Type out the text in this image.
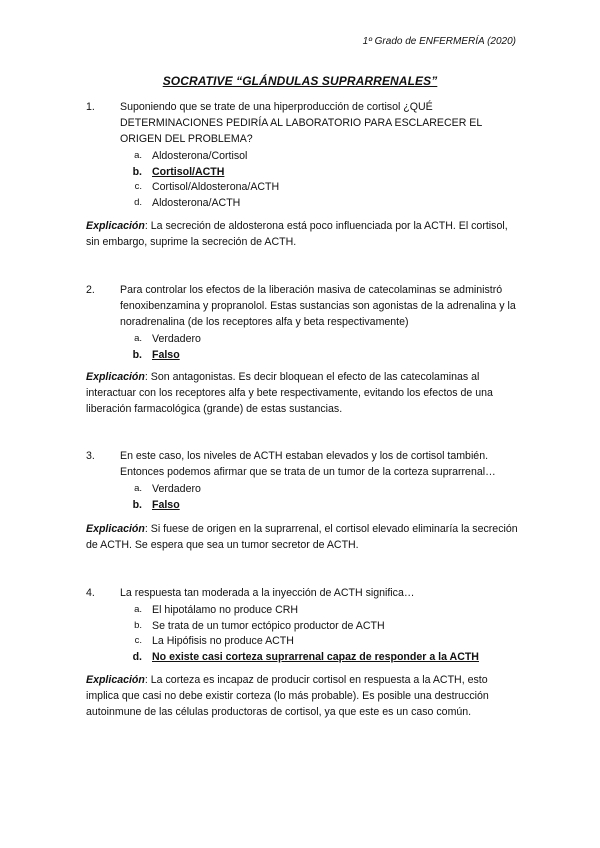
1º Grado de ENFERMERÍA (2020)
SOCRATIVE “GLÁNDULAS SUPRARRENALES”
1.	Suponiendo que se trate de una hiperproducción de cortisol ¿QUÉ DETERMINACIONES PEDIRÍA AL LABORATORIO PARA ESCLARECER EL ORIGEN DEL PROBLEMA?
a. Aldosterona/Cortisol
b. Cortisol/ACTH
c. Cortisol/Aldosterona/ACTH
d. Aldosterona/ACTH
Explicación: La secreción de aldosterona está poco influenciada por la ACTH. El cortisol, sin embargo, suprime la secreción de ACTH.
2.	Para controlar los efectos de la liberación masiva de catecolaminas se administró fenoxibenzamina y propranolol. Estas sustancias son agonistas de la adrenalina y la noradrenalina (de los receptores alfa y beta respectivamente)
a. Verdadero
b. Falso
Explicación: Son antagonistas. Es decir bloquean el efecto de las catecolaminas al interactuar con los receptores alfa y bete respectivamente, evitando los efectos de una liberación farmacológica (grande) de estas sustancias.
3.	En este caso, los niveles de ACTH estaban elevados y los de cortisol también. Entonces podemos afirmar que se trata de un tumor de la corteza suprarrenal…
a. Verdadero
b. Falso
Explicación: Si fuese de origen en la suprarrenal, el cortisol elevado eliminaría la secreción de ACTH. Se espera que sea un tumor secretor de ACTH.
4.	La respuesta tan moderada a la inyección de ACTH significa…
a. El hipotálamo no produce CRH
b. Se trata de un tumor ectópico productor de ACTH
c. La Hipófisis no produce ACTH
d. No existe casi corteza suprarrenal capaz de responder a la ACTH
Explicación: La corteza es incapaz de producir cortisol en respuesta a la ACTH, esto implica que casi no debe existir corteza (lo más probable). Es posible una destrucción autoinmune de las células productoras de cortisol, ya que este es un caso común.
